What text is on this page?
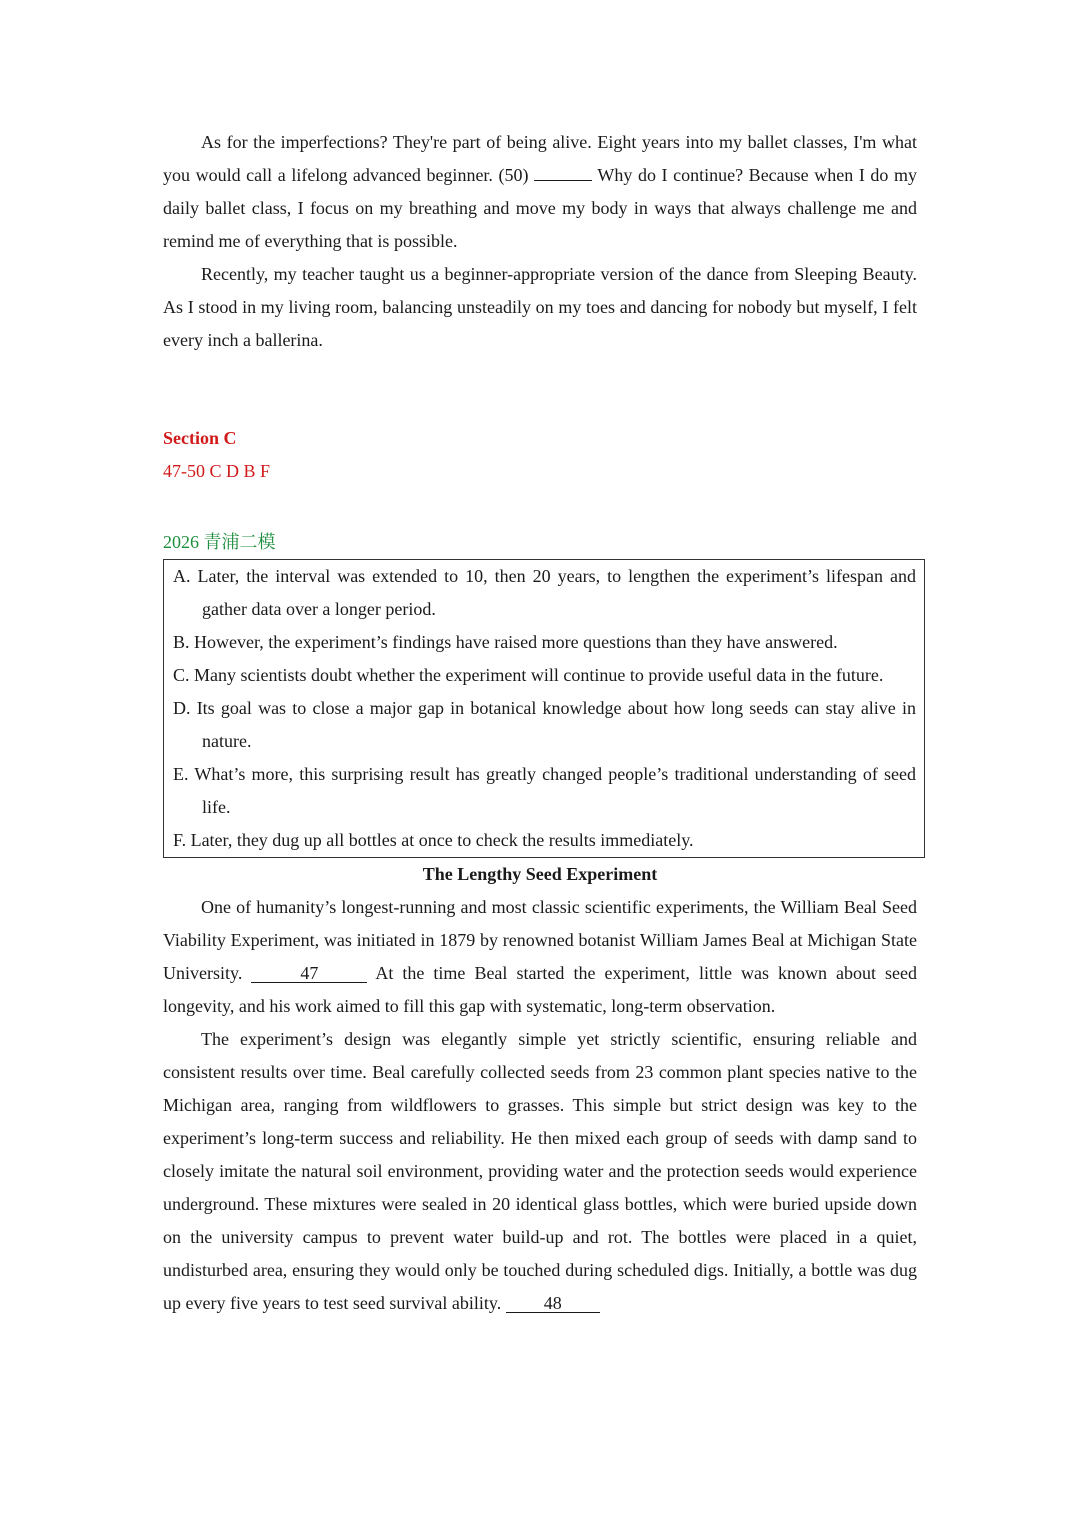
As for the imperfections? They're part of being alive. Eight years into my ballet classes, I'm what you would call a lifelong advanced beginner. (50)	Why do I continue? Because when I do my daily ballet class, I focus on my breathing and move my body in ways that always challenge me and remind me of everything that is possible.

Recently, my teacher taught us a beginner-appropriate version of the dance from Sleeping Beauty. As I stood in my living room, balancing unsteadily on my toes and dancing for nobody but myself, I felt every inch a ballerina.

Section C

47-50 C D B F

2026 青浦二模

A. Later, the interval was extended to 10, then 20 years, to lengthen the experiment’s lifespan and gather data over a longer period.

B. However, the experiment’s findings have raised more questions than they have answered.

C. Many scientists doubt whether the experiment will continue to provide useful data in the future.

D. Its goal was to close a major gap in botanical knowledge about how long seeds can stay alive in nature.

E. What’s more, this surprising result has greatly changed people’s traditional understanding of seed life.

F. Later, they dug up all bottles at once to check the results immediately.

The Lengthy Seed Experiment

One of humanity’s longest-running and most classic scientific experiments, the William Beal Seed Viability Experiment, was initiated in 1879 by renowned botanist William James Beal at Michigan State University.	47	At the time Beal started the experiment, little was known about seed longevity, and his work aimed to fill this gap with systematic, long-term observation.

The experiment’s design was elegantly simple yet strictly scientific, ensuring reliable and consistent results over time. Beal carefully collected seeds from 23 common plant species native to the Michigan area, ranging from wildflowers to grasses. This simple but strict design was key to the experiment’s long-term success and reliability. He then mixed each group of seeds with damp sand to closely imitate the natural soil environment, providing water and the protection seeds would experience underground. These mixtures were sealed in 20 identical glass bottles, which were buried upside down on the university campus to prevent water build-up and rot. The bottles were placed in a quiet, undisturbed area, ensuring they would only be touched during scheduled digs. Initially, a bottle was dug up every five years to test seed survival ability. 48
